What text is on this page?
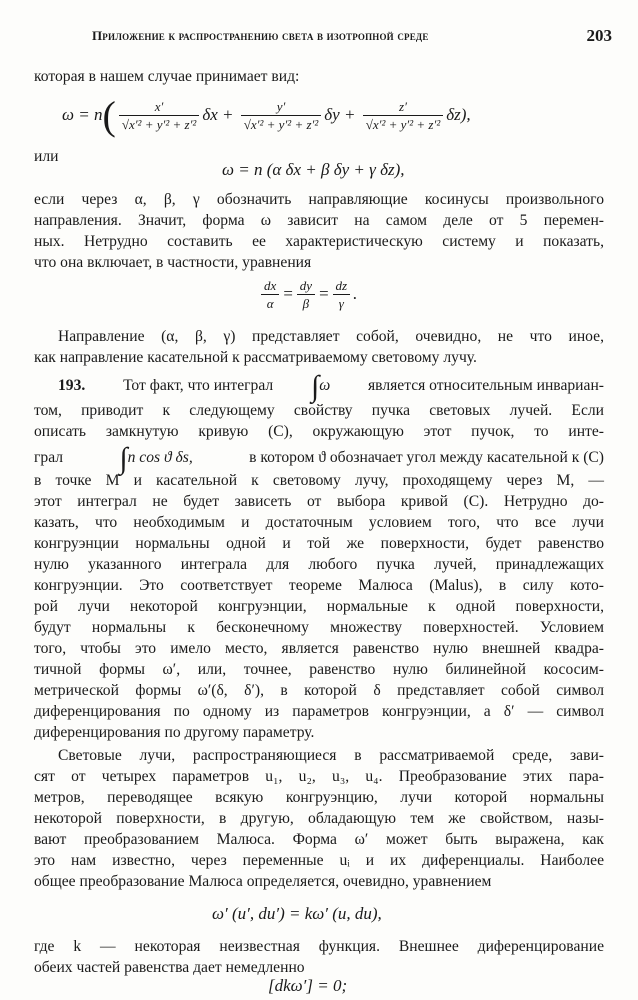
Приложение к распространению света в изотропной среде	203
которая в нашем случае принимает вид:
$\omega = n( \frac{x'}{\text{√x′² + y′² + z′²}}$ $\delta x + \frac{y'}{\text{√x′² + y′² + z′²}}$ $\delta y + \frac{z'}{\text{√x′² + y′² + z′²}} \delta z$),
или
ω = n (α δx + β δy + γ δz),
если через α, β, γ обозначить направляющие косинусы произвольного
направления. Значит, форма ω зависит на самом деле от 5 перемен-
ных. Нетрудно составить ее характеристическую систему и показать,
что она включает, в частности, уравнения
$\frac{dx}{\alpha} = \frac{dy}{\beta} = \frac{dz}{\gamma}$ .
Направление (α, β, γ) представляет собой, очевидно, не что иное,
как направление касательной к рассматриваемому световому лучу.
193. Тот факт, что интеграл ∫ω является относительным инвариан-
том, приводит к следующему свойству пучка световых лучей. Если
описать замкнутую кривую (C), окружающую этот пучок, то инте-
грал ∫n cos ϑ δs,	в котором ϑ обозначает угол между касательной к (C)
в точке M и касательной к световому лучу, проходящему через M, —
этот интеграл не будет зависеть от выбора кривой (C). Нетрудно до-
казать, что необходимым и достаточным условием того, что все лучи
конгруэнции нормальны одной и той же поверхности, будет равенство
нулю указанного интеграла для любого пучка лучей, принадлежащих
конгруэнции. Это соответствует теореме Малюса (Malus), в силу кото-
рой лучи некоторой конгруэнции, нормальные к одной поверхности,
будут нормальны к бесконечному множеству поверхностей. Условием
того, чтобы это имело место, является равенство нулю внешней квадра-
тичной формы ω′, или, точнее, равенство нулю билинейной кососим-
метрической формы ω′(δ, δ′), в которой δ представляет собой символ
диференцирования по одному из параметров конгруэнции, а δ′ — символ
диференцирования по другому параметру.
Световые лучи, распространяющиеся в рассматриваемой среде, зави-
сят от четырех параметров u₁, u₂, u₃, u₄. Преобразование этих пара-
метров, переводящее всякую конгруэнцию, лучи которой нормальны
некоторой поверхности, в другую, обладающую тем же свойством, назы-
вают преобразованием Малюса. Форма ω′ может быть выражена, как
это нам известно, через переменные uᵢ и их диференциалы. Наиболее
общее преобразование Малюса определяется, очевидно, уравнением
ω′ (u′, du′) = kω′ (u, du),
где k — некоторая неизвестная функция. Внешнее диференцирование
обеих частей равенства дает немедленно
[dkω′] = 0;
